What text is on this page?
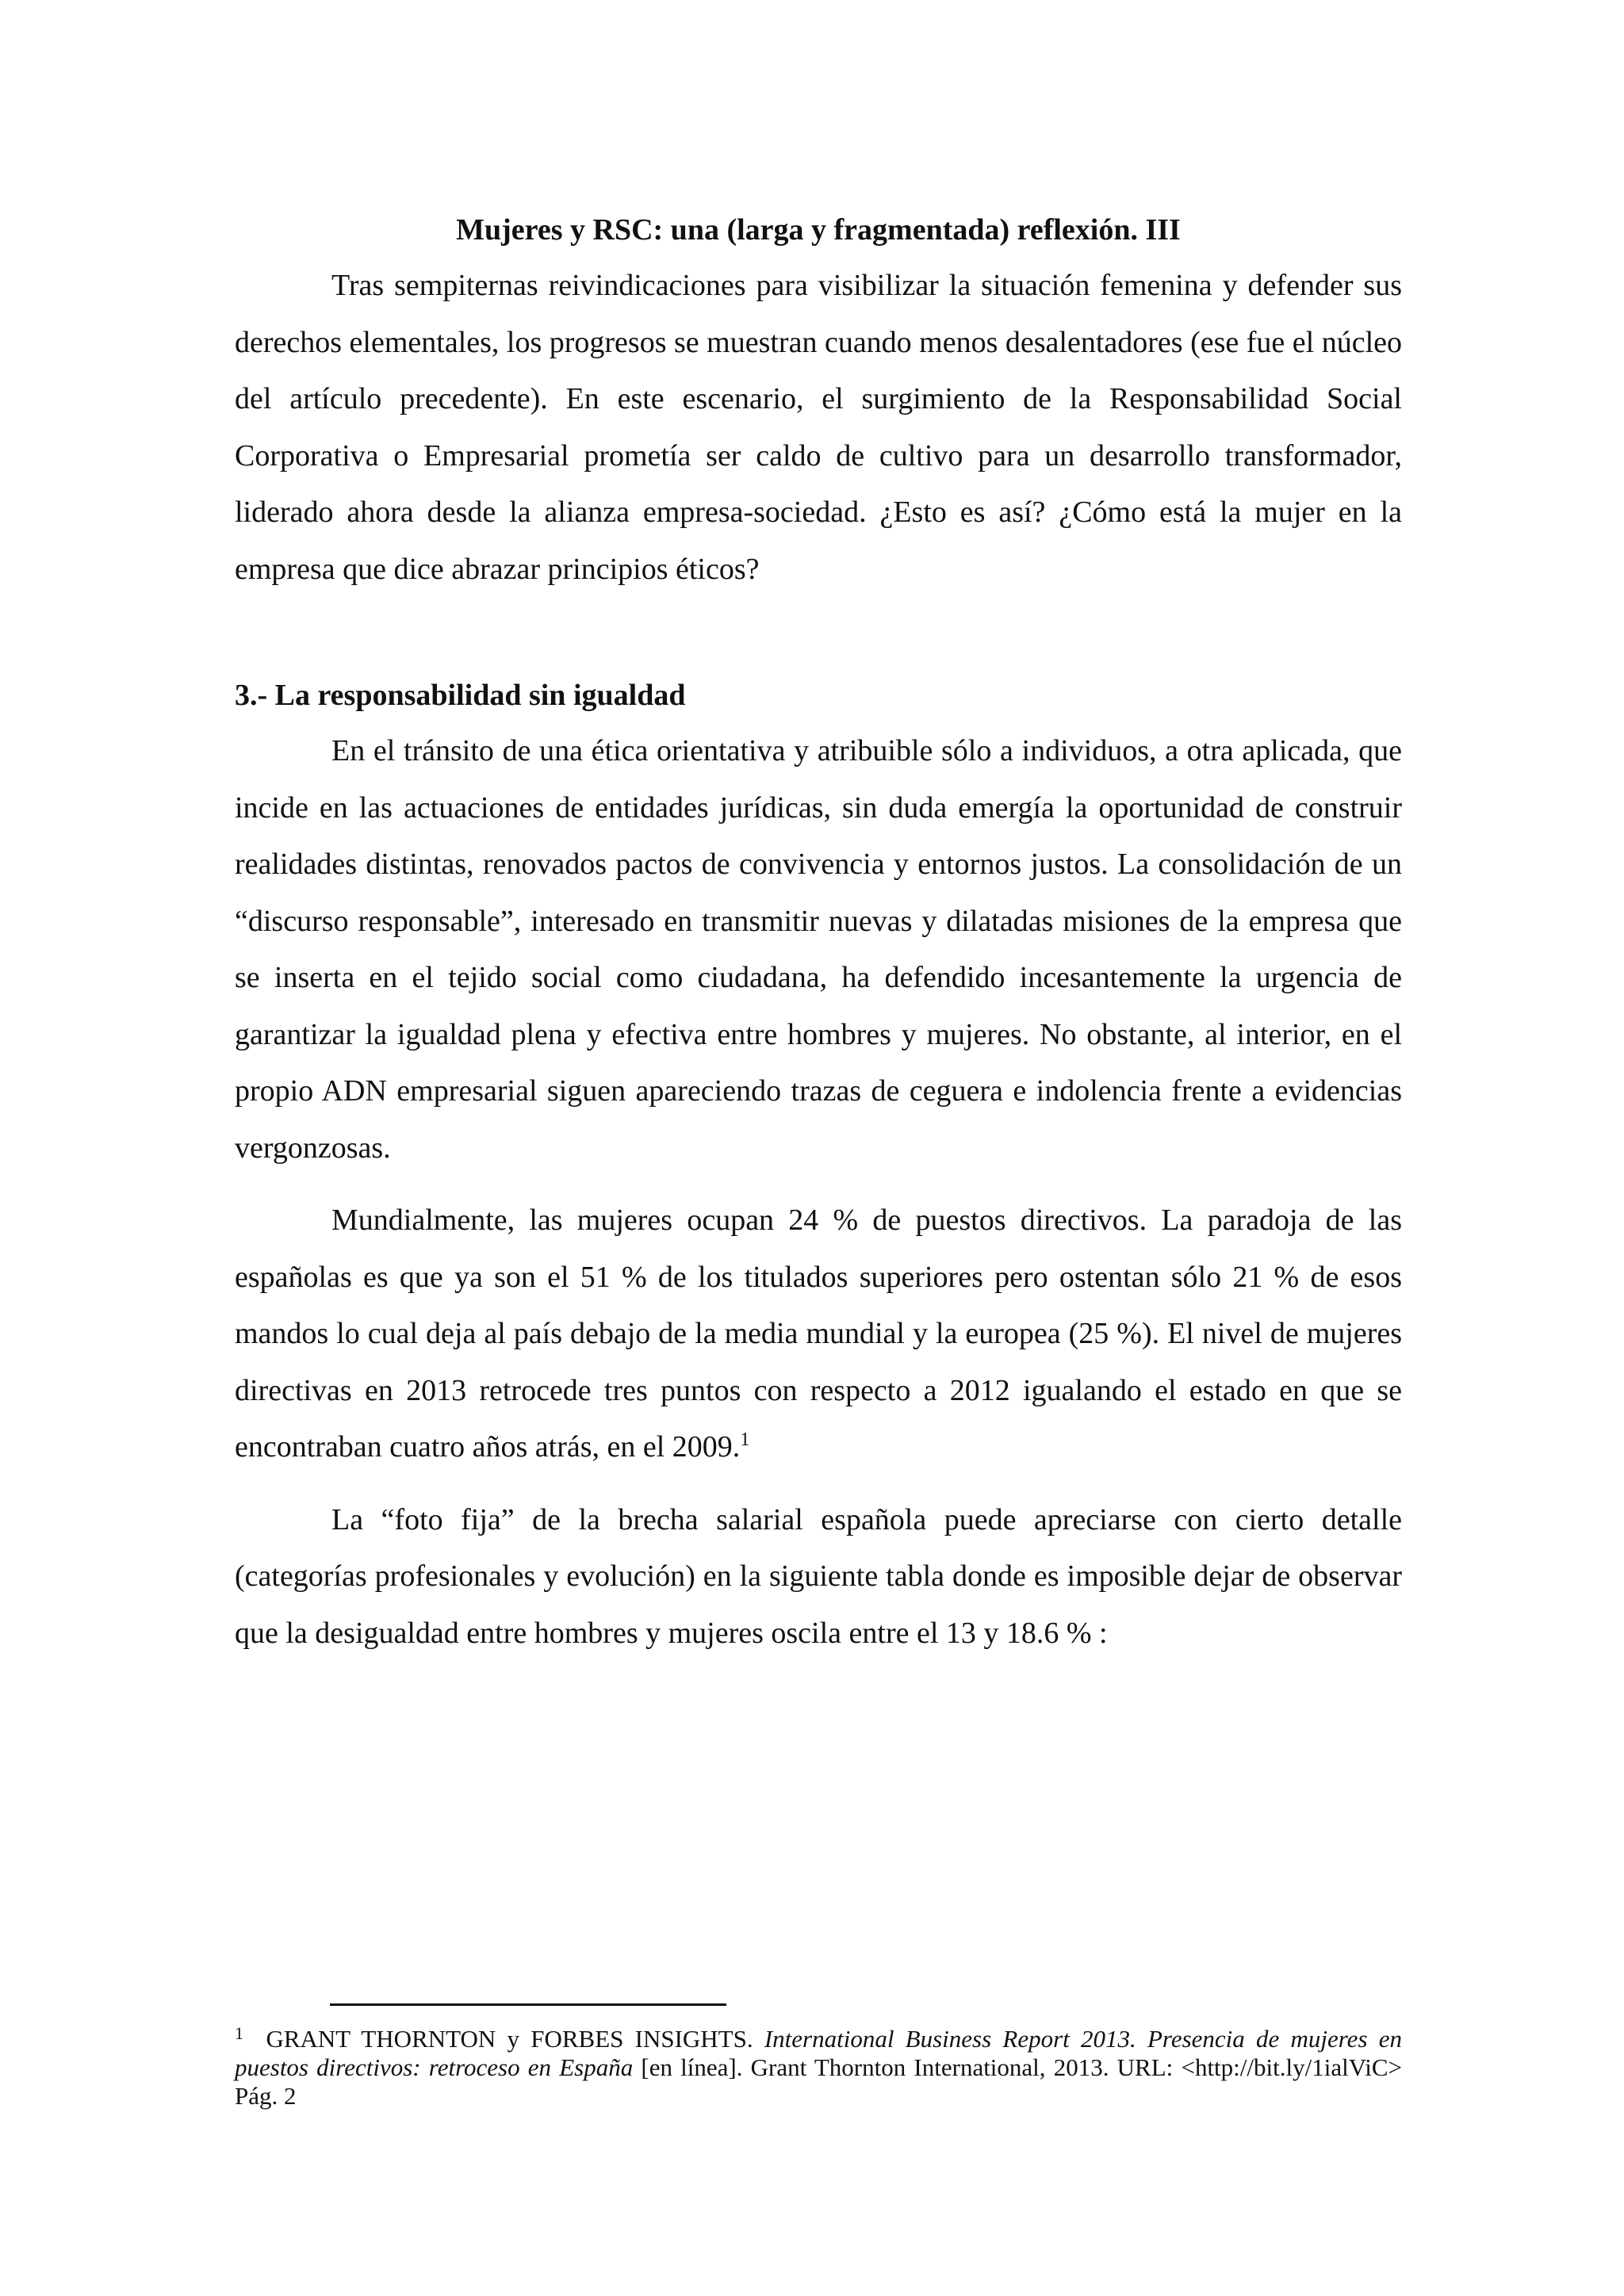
Mujeres y RSC: una (larga y fragmentada) reflexión. III

Tras sempiternas reivindicaciones para visibilizar la situación femenina y defender sus derechos elementales, los progresos se muestran cuando menos desalentadores (ese fue el núcleo del artículo precedente). En este escenario, el surgimiento de la Responsabilidad Social Corporativa o Empresarial prometía ser caldo de cultivo para un desarrollo transformador, liderado ahora desde la alianza empresa-sociedad. ¿Esto es así? ¿Cómo está la mujer en la empresa que dice abrazar principios éticos?

3.- La responsabilidad sin igualdad

En el tránsito de una ética orientativa y atribuible sólo a individuos, a otra aplicada, que incide en las actuaciones de entidades jurídicas, sin duda emergía la oportunidad de construir realidades distintas, renovados pactos de convivencia y entornos justos. La consolidación de un “discurso responsable”, interesado en transmitir nuevas y dilatadas misiones de la empresa que se inserta en el tejido social como ciudadana, ha defendido incesantemente la urgencia de garantizar la igualdad plena y efectiva entre hombres y mujeres. No obstante, al interior, en el propio ADN empresarial siguen apareciendo trazas de ceguera e indolencia frente a evidencias vergonzosas.

Mundialmente, las mujeres ocupan 24 % de puestos directivos. La paradoja de las españolas es que ya son el 51 % de los titulados superiores pero ostentan sólo 21 % de esos mandos lo cual deja al país debajo de la media mundial y la europea (25 %). El nivel de mujeres directivas en 2013 retrocede tres puntos con respecto a 2012 igualando el estado en que se encontraban cuatro años atrás, en el 2009.$^1$

La “foto fija” de la brecha salarial española puede apreciarse con cierto detalle (categorías profesionales y evolución) en la siguiente tabla donde es imposible dejar de observar que la desigualdad entre hombres y mujeres oscila entre el 13 y 18.6 % :

$^1$ GRANT THORNTON y FORBES INSIGHTS. International Business Report 2013. Presencia de mujeres en puestos directivos: retroceso en España [en línea]. Grant Thornton International, 2013. URL: <http://bit.ly/1ialViC> Pág. 2
